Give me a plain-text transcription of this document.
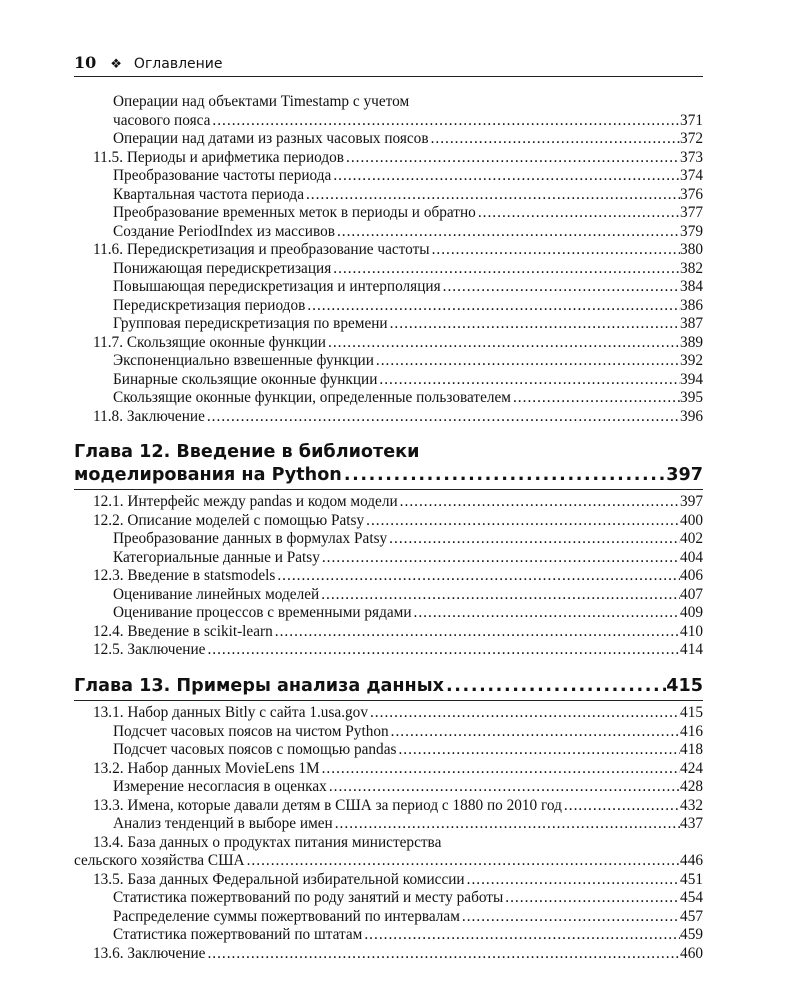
10 ❖ Оглавление
Операции над объектами Timestamp с учетом
часового пояса .....	371
Операции над датами из разных часовых поясов .....	372
11.5. Периоды и арифметика периодов .....	373
Преобразование частоты периода .....	374
Квартальная частота периода .....	376
Преобразование временных меток в периоды и обратно .....	377
Создание PeriodIndex из массивов .....	379
11.6. Передискретизация и преобразование частоты .....	380
Понижающая передискретизация .....	382
Повышающая передискретизация и интерполяция .....	384
Передискретизация периодов .....	386
Групповая передискретизация по времени .....	387
11.7. Скользящие оконные функции .....	389
Экспоненциально взвешенные функции .....	392
Бинарные скользящие оконные функции .....	394
Скользящие оконные функции, определенные пользователем .....	395
11.8. Заключение .....	396
Глава 12. Введение в библиотеки
моделирования на Python .....	397
12.1. Интерфейс между pandas и кодом модели .....	397
12.2. Описание моделей с помощью Patsy .....	400
Преобразование данных в формулах Patsy .....	402
Категориальные данные и Patsy .....	404
12.3. Введение в statsmodels .....	406
Оценивание линейных моделей .....	407
Оценивание процессов с временными рядами .....	409
12.4. Введение в scikit-learn .....	410
12.5. Заключение .....	414
Глава 13. Примеры анализа данных .....	415
13.1. Набор данных Bitly с сайта 1.usa.gov .....	415
Подсчет часовых поясов на чистом Python .....	416
Подсчет часовых поясов с помощью pandas .....	418
13.2. Набор данных MovieLens 1M .....	424
Измерение несогласия в оценках .....	428
13.3. Имена, которые давали детям в США за период с 1880 по 2010 год .....	432
Анализ тенденций в выборе имен .....	437
13.4. База данных о продуктах питания министерства
сельского хозяйства США .....	446
13.5. База данных Федеральной избирательной комиссии .....	451
Статистика пожертвований по роду занятий и месту работы .....	454
Распределение суммы пожертвований по интервалам .....	457
Статистика пожертвований по штатам .....	459
13.6. Заключение .....	460
